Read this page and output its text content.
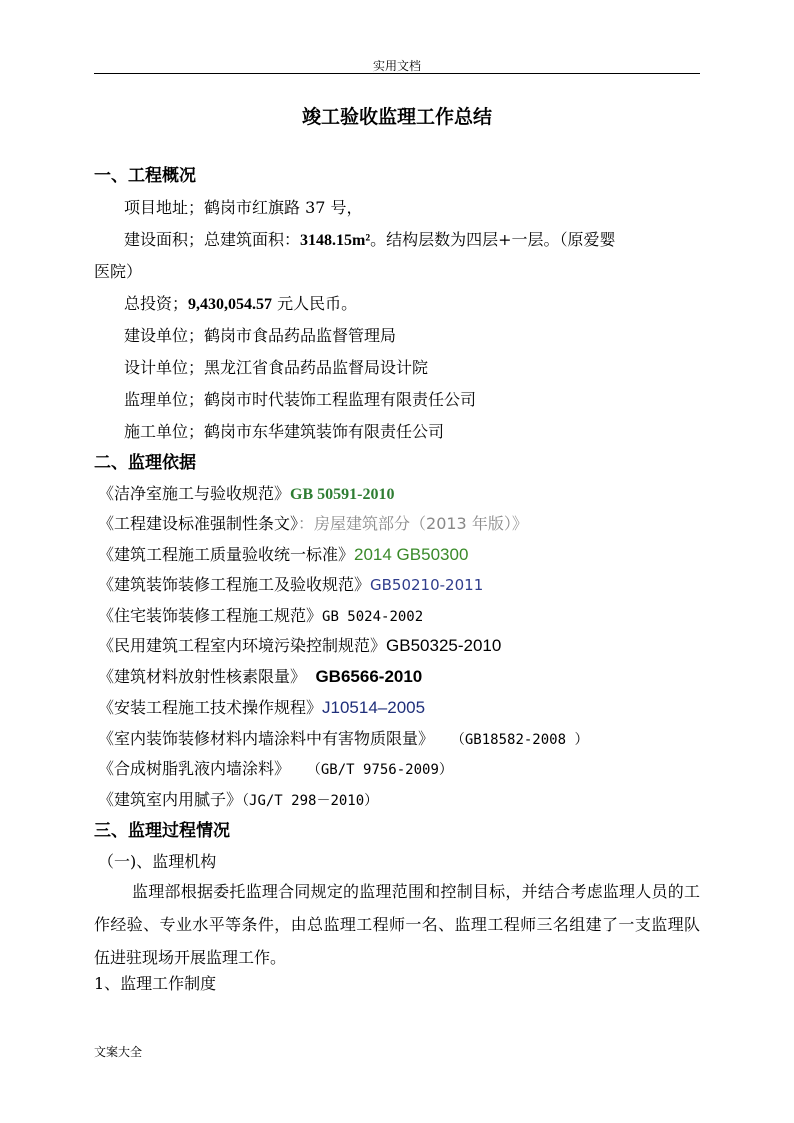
实用文档
竣工验收监理工作总结
一、工程概况
项目地址；鹤岗市红旗路 37 号，
建设面积；总建筑面积：3148.15m²。结构层数为四层+一层。（原爱婴
医院）
总投资；9,430,054.57 元人民币。
建设单位；鹤岗市食品药品监督管理局
设计单位；黑龙江省食品药品监督局设计院
监理单位；鹤岗市时代装饰工程监理有限责任公司
施工单位；鹤岗市东华建筑装饰有限责任公司
二、监理依据
《洁净室施工与验收规范》GB 50591-2010
《工程建设标准强制性条文》：房屋建筑部分（2013 年版）》
《建筑工程施工质量验收统一标准》2014 GB50300
《建筑装饰装修工程施工及验收规范》GB50210-2011
《住宅装饰装修工程施工规范》GB 5024-2002
《民用建筑工程室内环境污染控制规范》GB50325-2010
《建筑材料放射性核素限量》  GB6566-2010
《安装工程施工技术操作规程》J10514–2005
《室内装饰装修材料内墙涂料中有害物质限量》  （GB18582-2008 ）
《合成树脂乳液内墙涂料》  （GB/T 9756-2009）
《建筑室内用腻子》（JG/T 298－2010）
三、监理过程情况
（一)、监理机构
监理部根据委托监理合同规定的监理范围和控制目标，并结合考虑监理人员的工作经验、专业水平等条件，由总监理工程师一名、监理工程师三名组建了一支监理队伍进驻现场开展监理工作。
1、监理工作制度
文案大全
